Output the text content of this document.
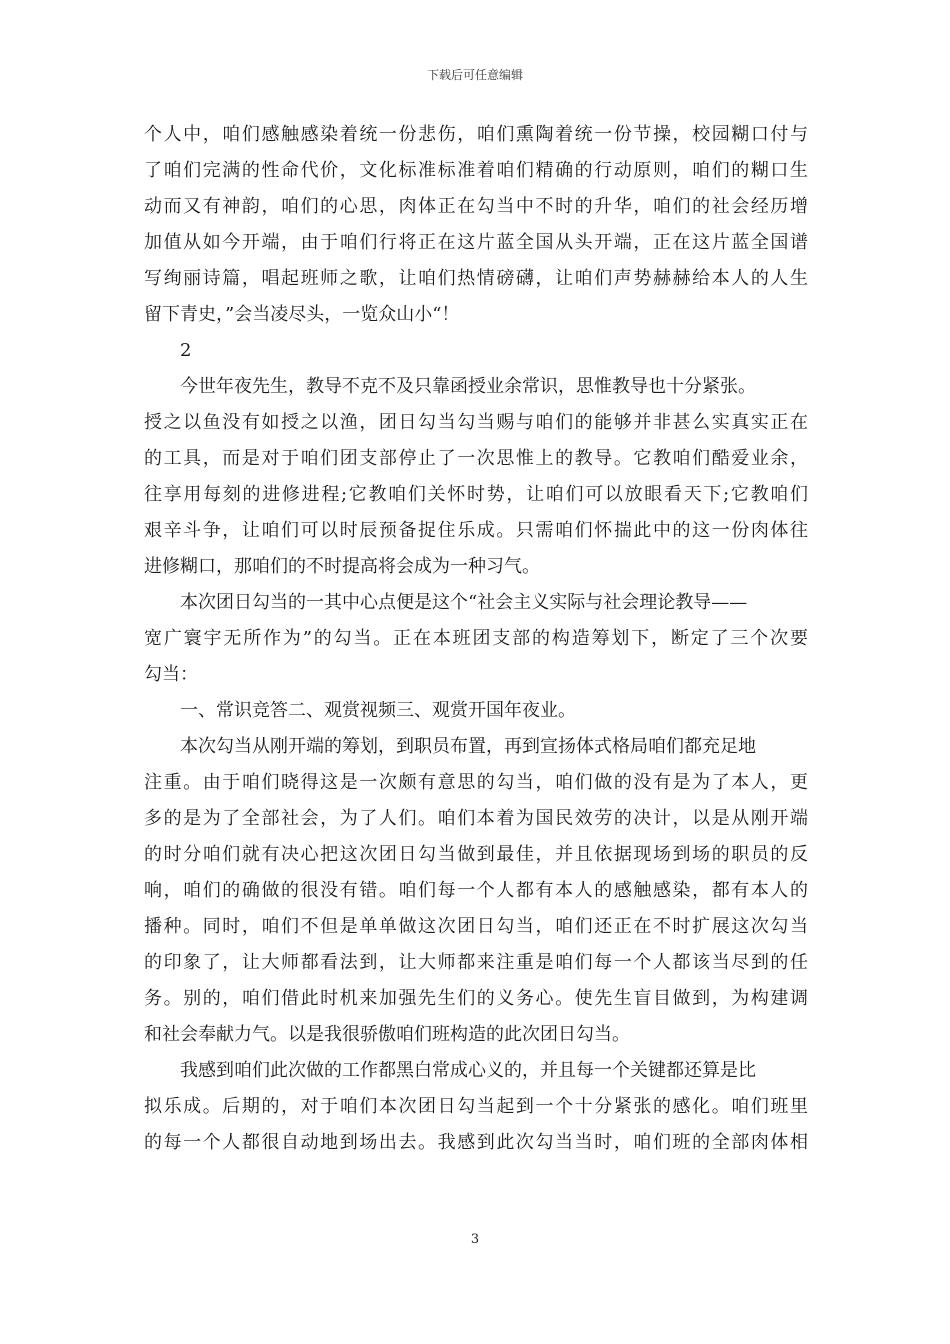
下载后可任意编辑
个人中，咱们感触感染着统一份悲伤，咱们熏陶着统一份节操，校园糊口付与
了咱们完满的性命代价，文化标准标准着咱们精确的行动原则，咱们的糊口生
动而又有神韵，咱们的心思，肉体正在勾当中不时的升华，咱们的社会经历增
加值从如今开端，由于咱们行将正在这片蓝全国从头开端，正在这片蓝全国谱
写绚丽诗篇，唱起班师之歌，让咱们热情磅礴，让咱们声势赫赫给本人的人生
留下青史，”会当凌尽头，一览众山小“！
2
今世年夜先生，教导不克不及只靠函授业余常识，思惟教导也十分紧张。
授之以鱼没有如授之以渔，团日勾当勾当赐与咱们的能够并非甚么实真实正在
的工具，而是对于咱们团支部停止了一次思惟上的教导。它教咱们酷爱业余，
往享用每刻的进修进程;它教咱们关怀时势，让咱们可以放眼看天下;它教咱们
艰辛斗争，让咱们可以时辰预备捉住乐成。只需咱们怀揣此中的这一份肉体往
进修糊口，那咱们的不时提高将会成为一种习气。
本次团日勾当的一其中心点便是这个“社会主义实际与社会理论教导——
宽广寰宇无所作为”的勾当。正在本班团支部的构造筹划下，断定了三个次要
勾当：
一、常识竞答二、观赏视频三、观赏开国年夜业。
本次勾当从刚开端的筹划，到职员布置，再到宣扬体式格局咱们都充足地
注重。由于咱们晓得这是一次颇有意思的勾当，咱们做的没有是为了本人，更
多的是为了全部社会，为了人们。咱们本着为国民效劳的决计，以是从刚开端
的时分咱们就有决心把这次团日勾当做到最佳，并且依据现场到场的职员的反
响，咱们的确做的很没有错。咱们每一个人都有本人的感触感染，都有本人的
播种。同时，咱们不但是单单做这次团日勾当，咱们还正在不时扩展这次勾当
的印象了，让大师都看法到，让大师都来注重是咱们每一个人都该当尽到的任
务。别的，咱们借此时机来加强先生们的义务心。使先生盲目做到，为构建调
和社会奉献力气。以是我很骄傲咱们班构造的此次团日勾当。
我感到咱们此次做的工作都黑白常成心义的，并且每一个关键都还算是比
拟乐成。后期的，对于咱们本次团日勾当起到一个十分紧张的感化。咱们班里
的每一个人都很自动地到场出去。我感到此次勾当当时，咱们班的全部肉体相
3
